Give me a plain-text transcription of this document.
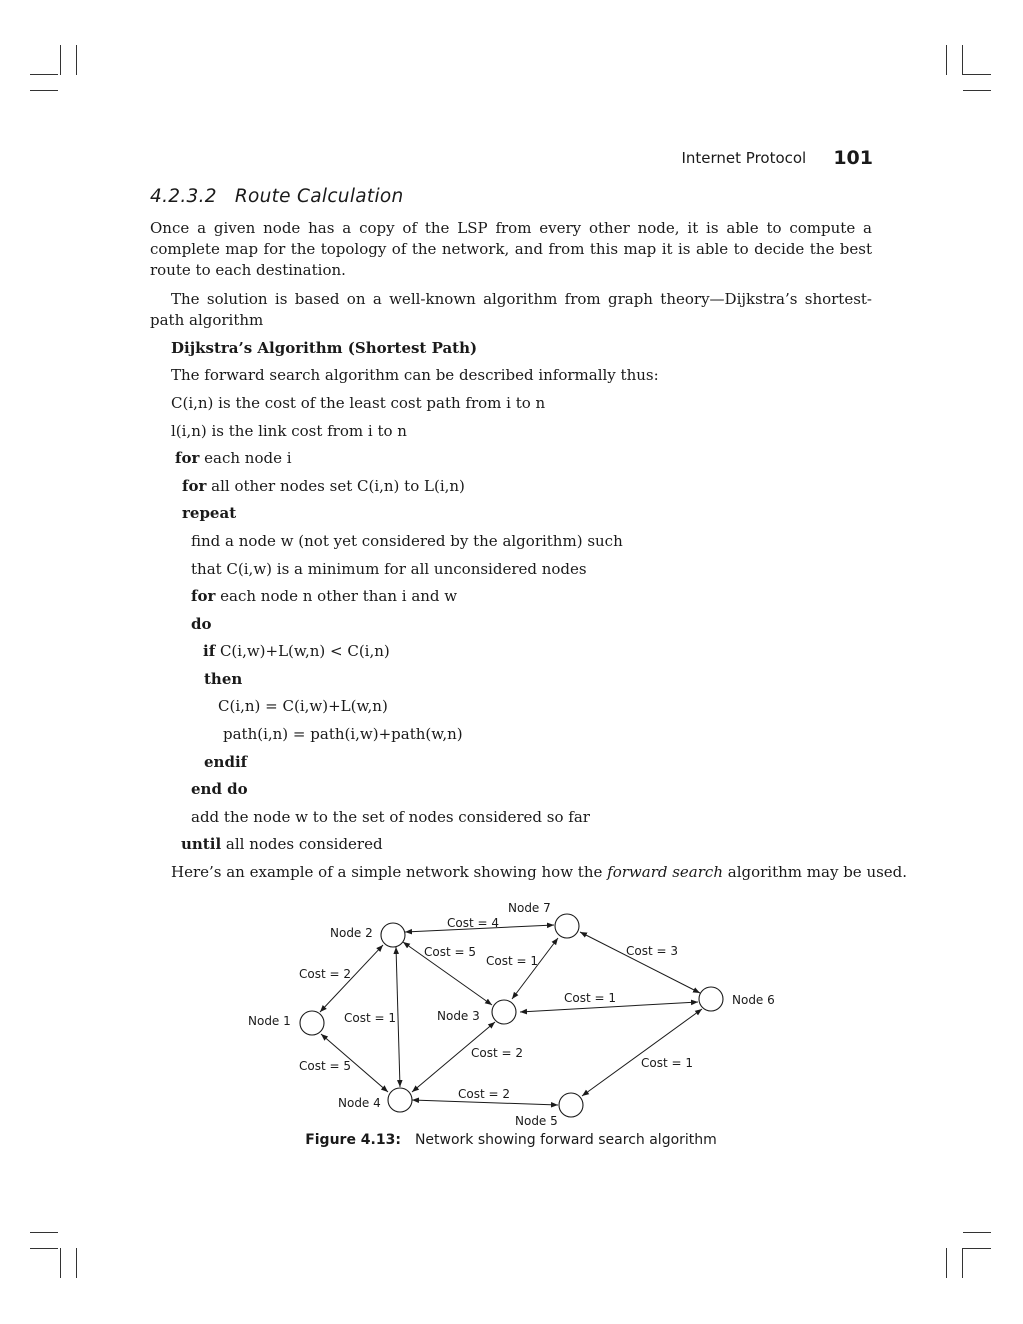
Internet Protocol 101
4.2.3.2 Route Calculation

Once a given node has a copy of the LSP from every other node, it is able to compute a complete map for the topology of the network, and from this map it is able to decide the best route to each destination.

The solution is based on a well-known algorithm from graph theory—Dijkstra’s shortest-path algorithm

Dijkstra’s Algorithm (Shortest Path)
The forward search algorithm can be described informally thus:
C(i,n) is the cost of the least cost path from i to n
l(i,n) is the link cost from i to n
for each node i
for all other nodes set C(i,n) to L(i,n)
repeat
find a node w (not yet considered by the algorithm) such
that C(i,w) is a minimum for all unconsidered nodes
for each node n other than i and w
do
if C(i,w)+L(w,n) < C(i,n)
then
C(i,n) = C(i,w)+L(w,n)
path(i,n) = path(i,w)+path(w,n)
endif
end do
add the node w to the set of nodes considered so far
until all nodes considered
Here’s an example of a simple network showing how the forward search algorithm may be used.
Node 1
Node 2
Node 3
Node 4
Node 5
Node 6
Node 7
Cost = 4
Cost = 5
Cost = 1
Cost = 3
Cost = 2
Cost = 1
Cost = 1
Cost = 5
Cost = 2
Cost = 2
Cost = 1
Figure 4.13: Network showing forward search algorithm
